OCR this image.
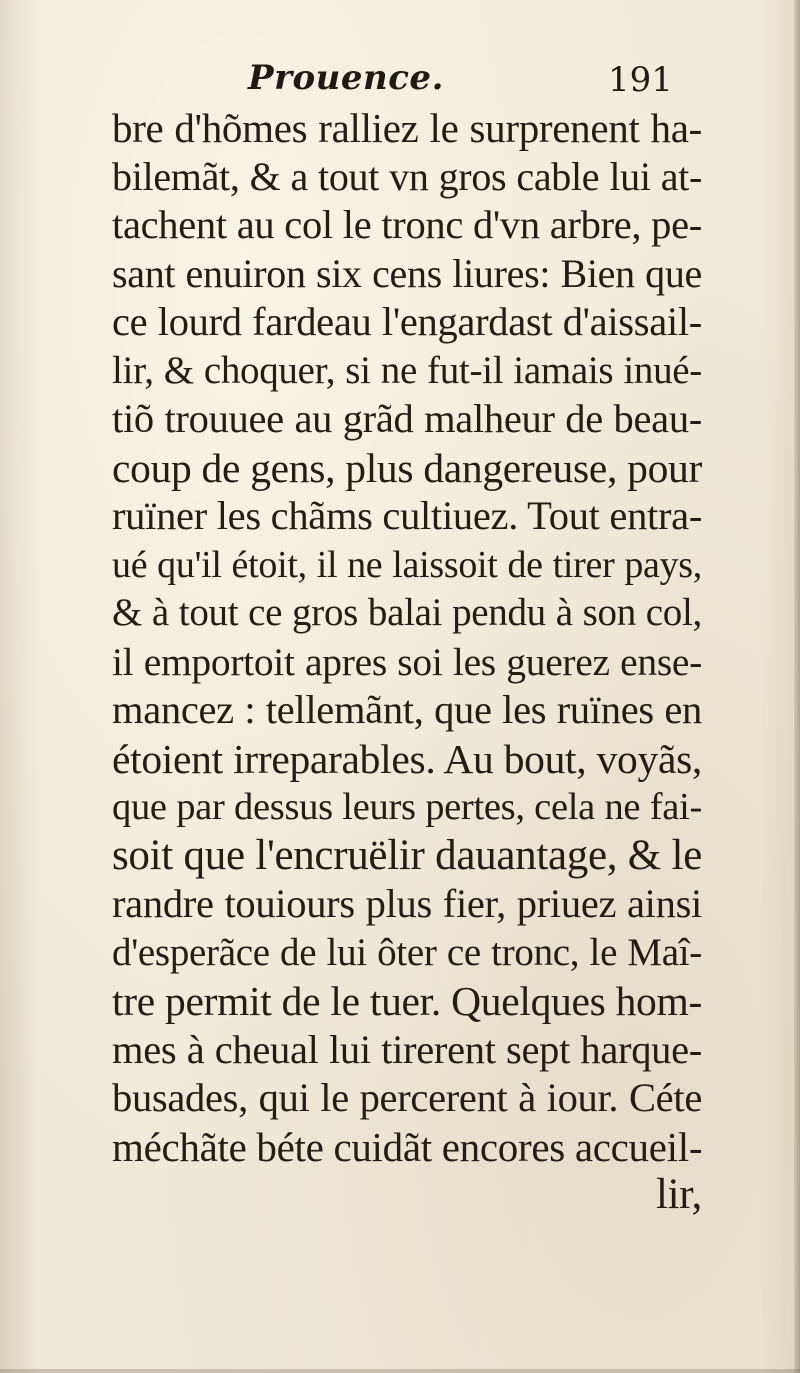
Prouence.	191
bre d'hõmes ralliez le surprenent ha-
bilemãt, & a tout vn gros cable lui at-
tachent au col le tronc d'vn arbre, pe-
sant enuiron six cens liures: Bien que
ce lourd fardeau l'engardast d'aissail-
lir, & choquer, si ne fut-il iamais inué-
tiõ trouuee au grãd malheur de beau-
coup de gens, plus dangereuse, pour
ruïner les chãms cultiuez. Tout entra-
ué qu'il étoit, il ne laissoit de tirer pays,
& à tout ce gros balai pendu à son col,
il emportoit apres soi les guerez ense-
mancez : tellemãnt, que les ruïnes en
étoient irreparables. Au bout, voyãs,
que par dessus leurs pertes, cela ne fai-
soit que l'encruëlir dauantage, & le
randre touiours plus fier, priuez ainsi
d'esperãce de lui ôter ce tronc, le Maî-
tre permit de le tuer. Quelques hom-
mes à cheual lui tirerent sept harque-
busades, qui le percerent à iour. Céte
méchãte béte cuidãt encores accueil-
lir,
